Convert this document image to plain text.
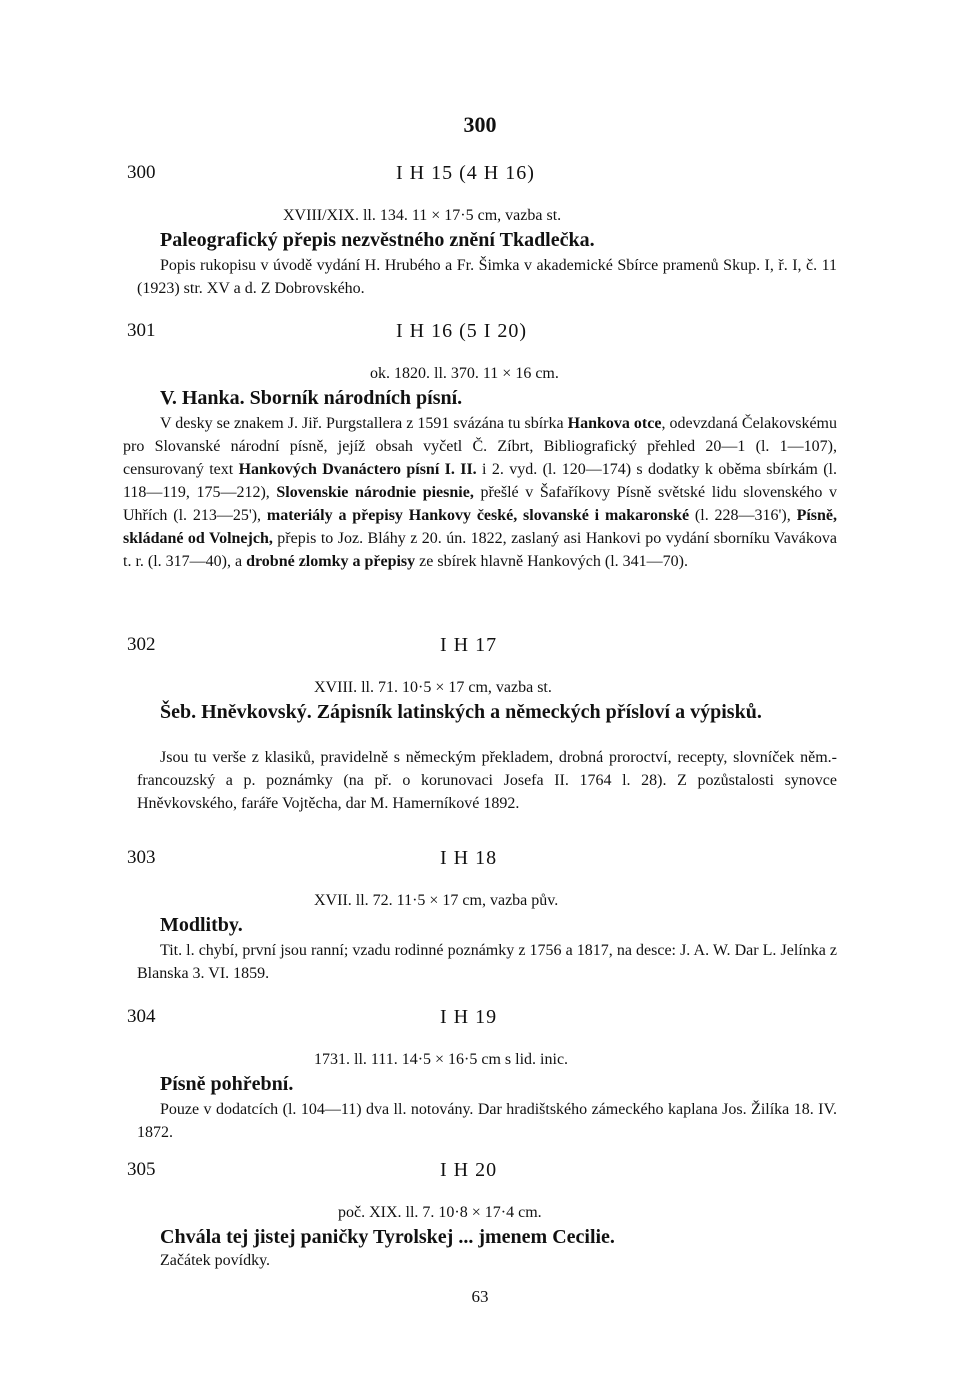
300
300	I H 15 (4 H 16)
XVIII/XIX. ll. 134. 11 × 17·5 cm, vazba st.
Paleografický přepis nezvěstného znění Tkadlečka.
Popis rukopisu v úvodě vydání H. Hrubého a Fr. Šimka v akademické Sbírce pramenů Skup. I, ř. I, č. 11 (1923) str. XV a d. Z Dobrovského.
301	I H 16 (5 I 20)
ok. 1820. ll. 370. 11 × 16 cm.
V. Hanka. Sborník národních písní.
V desky se znakem J. Jiř. Purgstallera z 1591 svázána tu sbírka Hankova otce, odevzdaná Čelakovskému pro Slovanské národní písně, jejíž obsah vyčetl Č. Zíbrt, Bibliografický přehled 20—1 (l. 1—107), censurovaný text Hankových Dvanáctero písní I. II. i 2. vyd. (l. 120—174) s dodatky k oběma sbírkám (l. 118—119, 175—212), Slovenskie národnie piesnie, přešlé v Šafaříkovy Písně světské lidu slovenského v Uhřích (l. 213—25'), materiály a přepisy Hankovy české, slovanské i makaronské (l. 228—316'), Písně, skládané od Volnejch, přepis to Joz. Bláhy z 20. ún. 1822, zaslaný asi Hankovi po vydání sborníku Vavákova t. r. (l. 317—40), a drobné zlomky a přepisy ze sbírek hlavně Hankových (l. 341—70).
302	I H 17
XVIII. ll. 71. 10·5 × 17 cm, vazba st.
Šeb. Hněvkovský. Zápisník latinských a německých přísloví a výpisků.
Jsou tu verše z klasiků, pravidelně s německým překladem, drobná proroctví, recepty, slovníček něm.-francouzský a p. poznámky (na př. o korunovaci Josefa II. 1764 l. 28). Z pozůstalosti synovce Hněvkovského, faráře Vojtěcha, dar M. Hamerníkové 1892.
303	I H 18
XVII. ll. 72. 11·5 × 17 cm, vazba pův.
Modlitby.
Tit. l. chybí, první jsou ranní; vzadu rodinné poznámky z 1756 a 1817, na desce: J. A. W. Dar L. Jelínka z Blanska 3. VI. 1859.
304	I H 19
1731. ll. 111. 14·5 × 16·5 cm s lid. inic.
Písně pohřební.
Pouze v dodatcích (l. 104—11) dva ll. notovány. Dar hradištského zámeckého kaplana Jos. Žilíka 18. IV. 1872.
305	I H 20
poč. XIX. ll. 7. 10·8 × 17·4 cm.
Chvála tej jistej paničky Tyrolskej ... jmenem Cecilie.
Začátek povídky.
63
